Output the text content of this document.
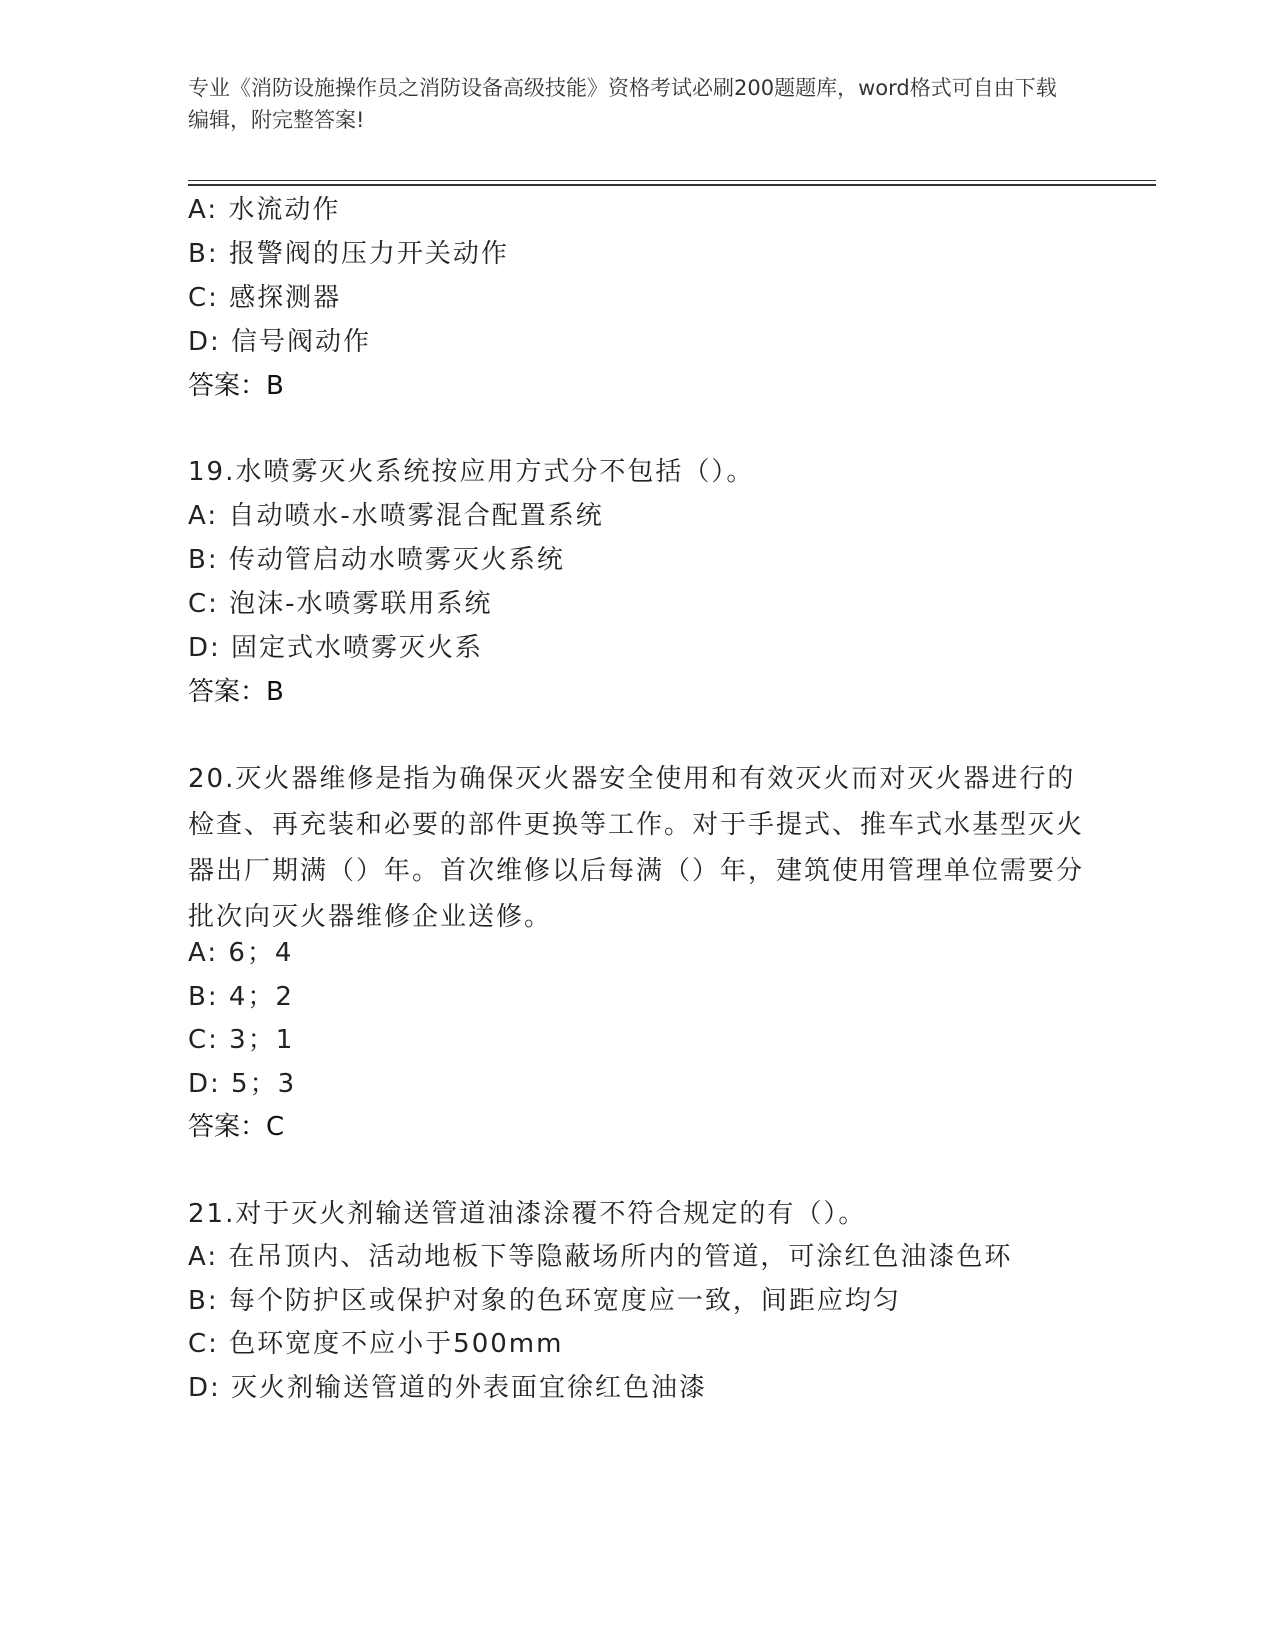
专业《消防设施操作员之消防设备高级技能》资格考试必刷200题题库，word格式可自由下载编辑，附完整答案!
A: 水流动作
B: 报警阀的压力开关动作
C: 感探测器
D: 信号阀动作
答案：B
19.水喷雾灭火系统按应用方式分不包括（）。
A: 自动喷水-水喷雾混合配置系统
B: 传动管启动水喷雾灭火系统
C: 泡沫-水喷雾联用系统
D: 固定式水喷雾灭火系
答案：B
20.灭火器维修是指为确保灭火器安全使用和有效灭火而对灭火器进行的检查、再充装和必要的部件更换等工作。对于手提式、推车式水基型灭火器出厂期满（）年。首次维修以后每满（）年，建筑使用管理单位需要分批次向灭火器维修企业送修。
A: 6；4
B: 4；2
C: 3；1
D: 5；3
答案：C
21.对于灭火剂输送管道油漆涂覆不符合规定的有（）。
A: 在吊顶内、活动地板下等隐蔽场所内的管道，可涂红色油漆色环
B: 每个防护区或保护对象的色环宽度应一致，间距应均匀
C: 色环宽度不应小于500mm
D: 灭火剂输送管道的外表面宜徐红色油漆
